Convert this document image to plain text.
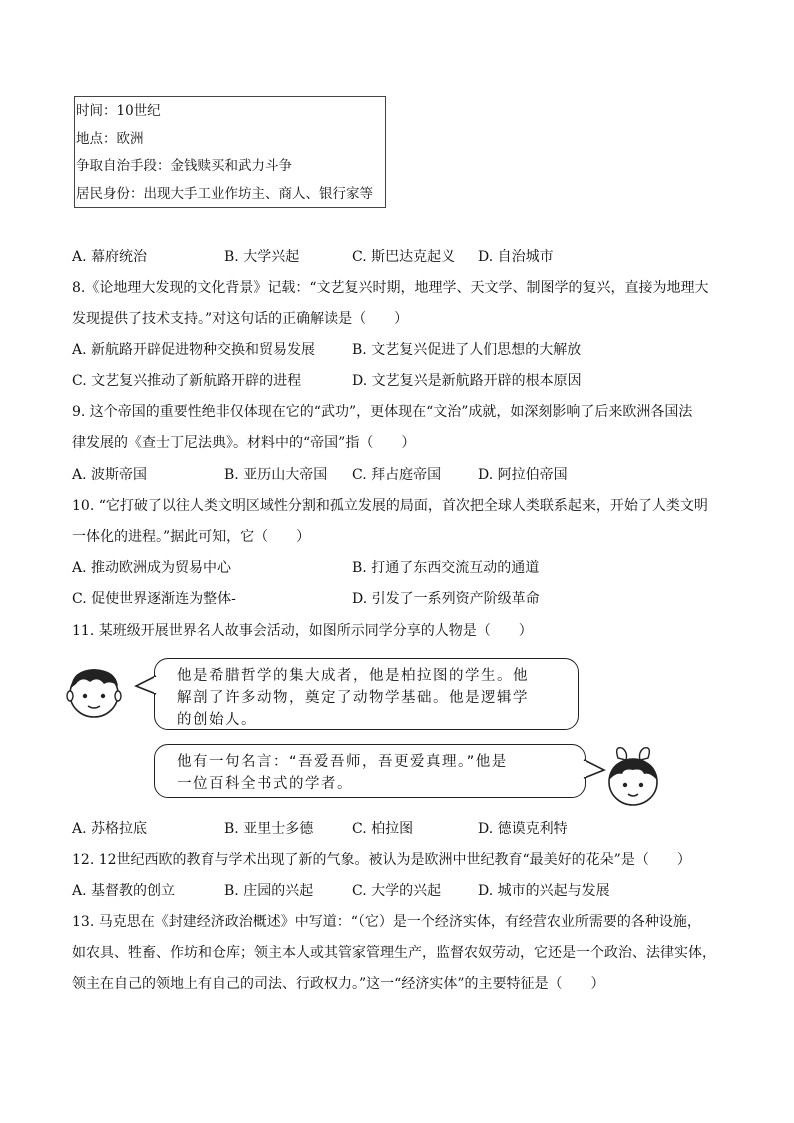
时间：10世纪
地点：欧洲
争取自治手段：金钱赎买和武力斗争
居民身份：出现大手工业作坊主、商人、银行家等
A. 幕府统治	B. 大学兴起	C. 斯巴达克起义 D. 自治城市
8.《论地理大发现的文化背景》记载：“文艺复兴时期，地理学、天文学、制图学的复兴，直接为地理大
发现提供了技术支持。”对这句话的正确解读是（　　）
A. 新航路开辟促进物种交换和贸易发展	B. 文艺复兴促进了人们思想的大解放
C. 文艺复兴推动了新航路开辟的进程	D. 文艺复兴是新航路开辟的根本原因
9. 这个帝国的重要性绝非仅体现在它的“武功”，更体现在“文治”成就，如深刻影响了后来欧洲各国法
律发展的《查士丁尼法典》。材料中的“帝国”指（　　）
A. 波斯帝国	B. 亚历山大帝国 C. 拜占庭帝国	D. 阿拉伯帝国
10. “它打破了以往人类文明区域性分割和孤立发展的局面，首次把全球人类联系起来，开始了人类文明
一体化的进程。”据此可知，它（　　）
A. 推动欧洲成为贸易中心	B. 打通了东西交流互动的通道
C. 促使世界逐渐连为整体-	D. 引发了一系列资产阶级革命
11. 某班级开展世界名人故事会活动，如图所示同学分享的人物是（　　）
他是希腊哲学的集大成者，他是柏拉图的学生。他
解剖了许多动物，奠定了动物学基础。他是逻辑学
的创始人。
他有一句名言：“吾爱吾师，吾更爱真理。”他是
一位百科全书式的学者。
A. 苏格拉底	B. 亚里士多德	C. 柏拉图	D. 德谟克利特
12. 12世纪西欧的教育与学术出现了新的气象。被认为是欧洲中世纪教育“最美好的花朵”是（　　）
A. 基督教的创立	B. 庄园的兴起	C. 大学的兴起	D. 城市的兴起与发展
13. 马克思在《封建经济政治概述》中写道：“（它）是一个经济实体，有经营农业所需要的各种设施，
如农具、牲畜、作坊和仓库；领主本人或其管家管理生产，监督农奴劳动，它还是一个政治、法律实体，
领主在自己的领地上有自己的司法、行政权力。”这一“经济实体”的主要特征是（　　）
